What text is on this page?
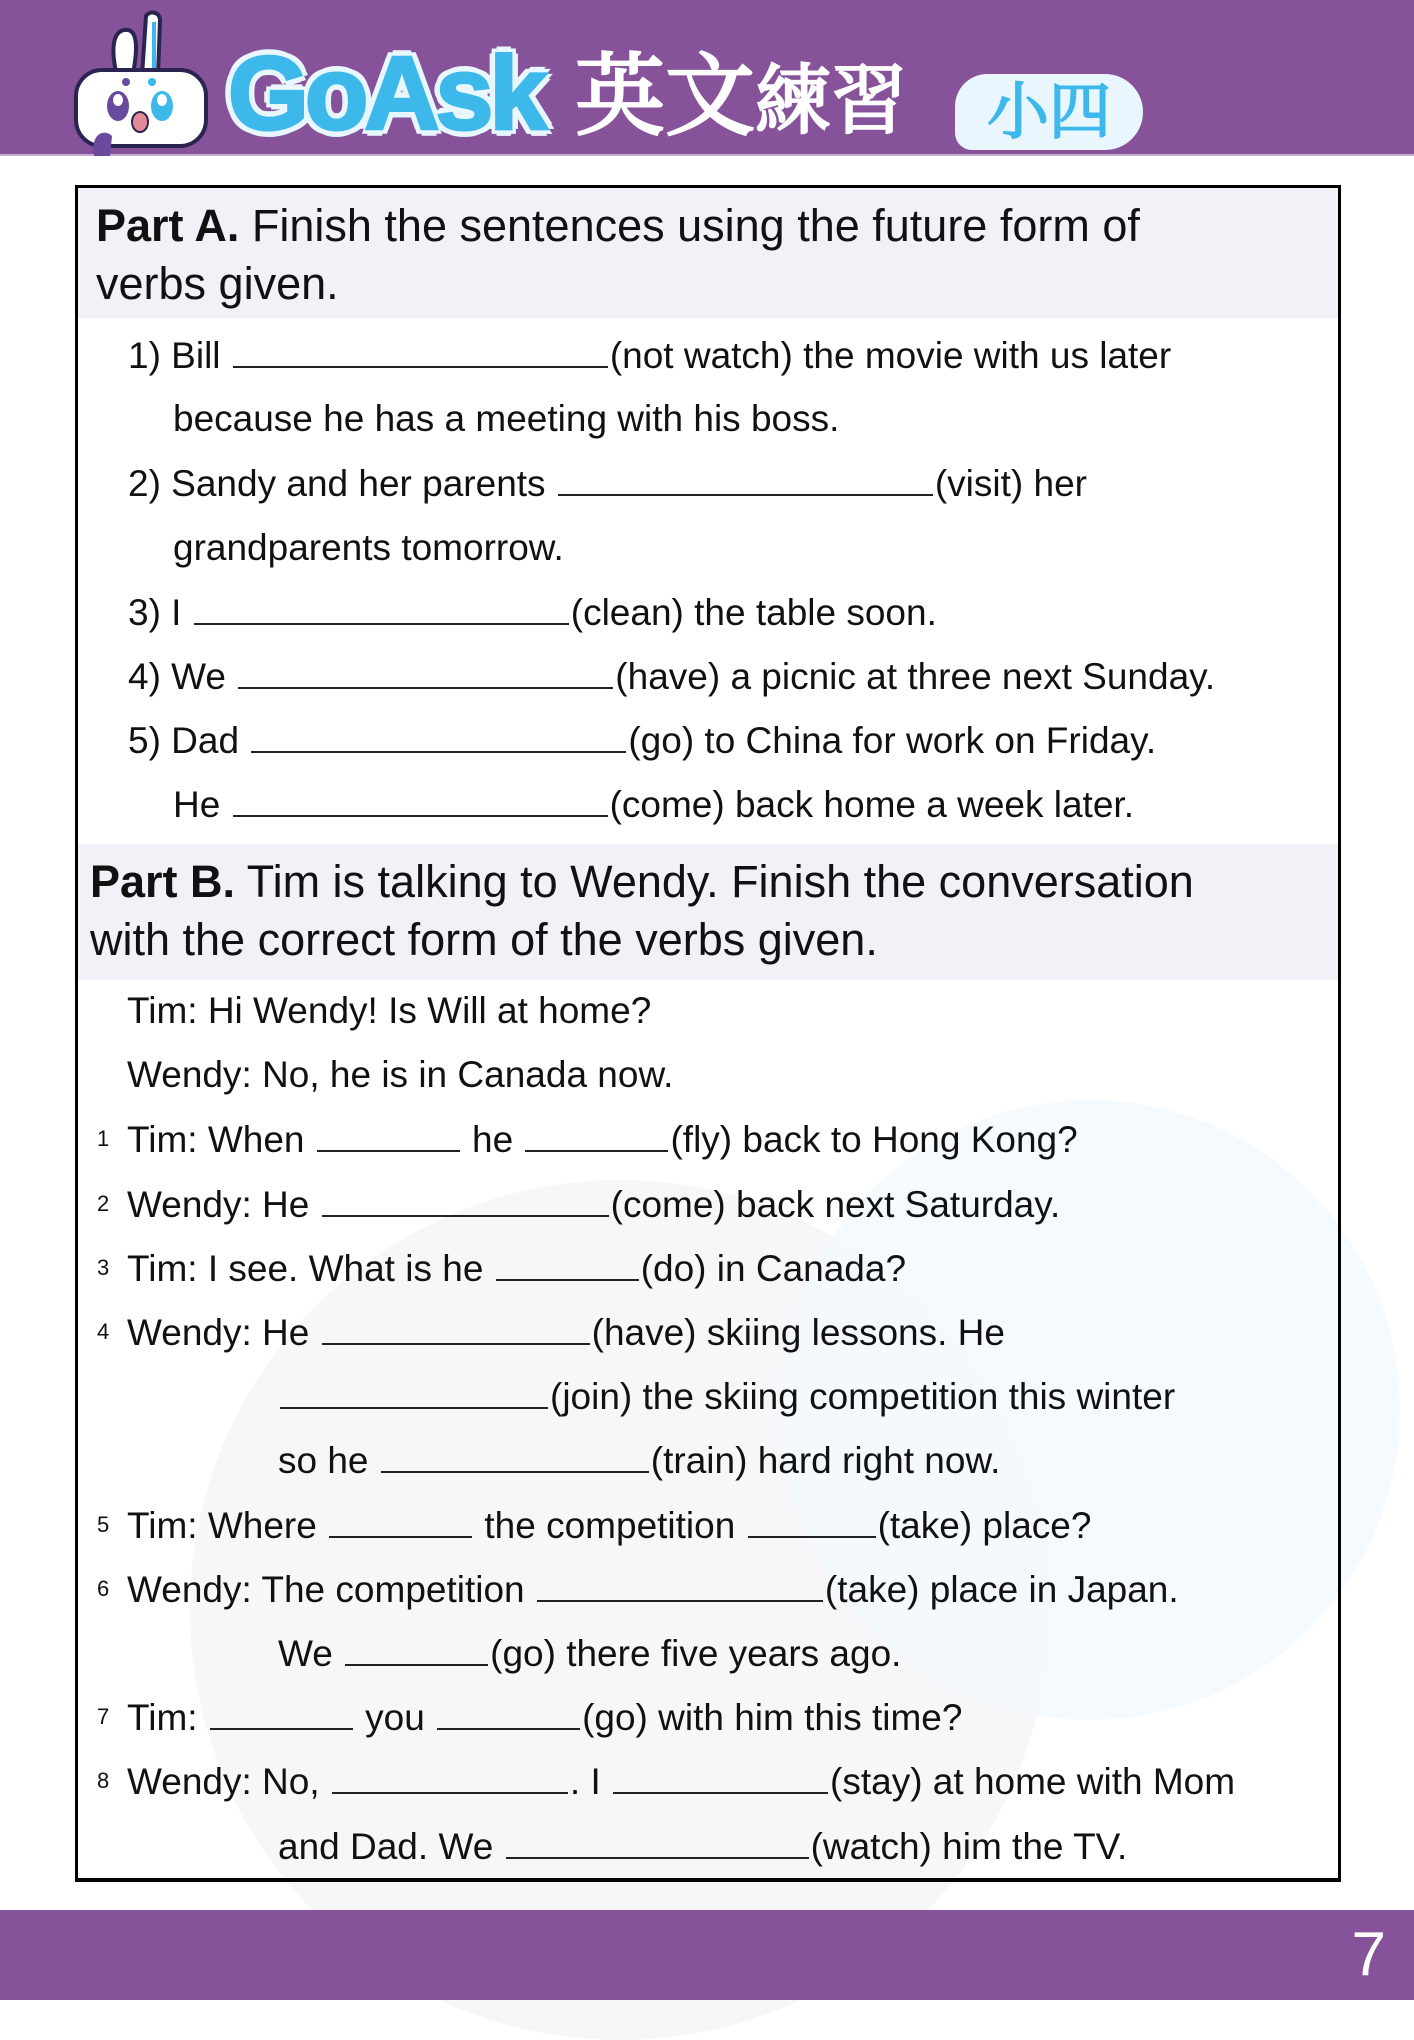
GoAsk 英文練習	小四
Part A. Finish the sentences using the future form of
verbs given.
Part B. Tim is talking to Wendy. Finish the conversation
with the correct form of the verbs given.
1) Bill	(not watch) the movie with us later
because he has a meeting with his boss.
2) Sandy and her parents	(visit) her
grandparents tomorrow.
3) I	(clean) the table soon.
4) We	(have) a picnic at three next Sunday.
5) Dad	(go) to China for work on Friday.
He	(come) back home a week later.
Tim: Hi Wendy! Is Will at home?
Wendy: No, he is in Canada now.
1 Tim: When	he	(fly) back to Hong Kong?
2 Wendy: He	(come) back next Saturday.
3 Tim: I see. What is he	(do) in Canada?
4 Wendy: He	(have) skiing lessons. He
(join) the skiing competition this winter
so he	(train) hard right now.
5 Tim: Where	the competition	(take) place?
6 Wendy: The competition	(take) place in Japan.
We	(go) there five years ago.
7 Tim:	you	(go) with him this time?
8 Wendy: No,	. I	(stay) at home with Mom
and Dad. We	(watch) him the TV.
7
